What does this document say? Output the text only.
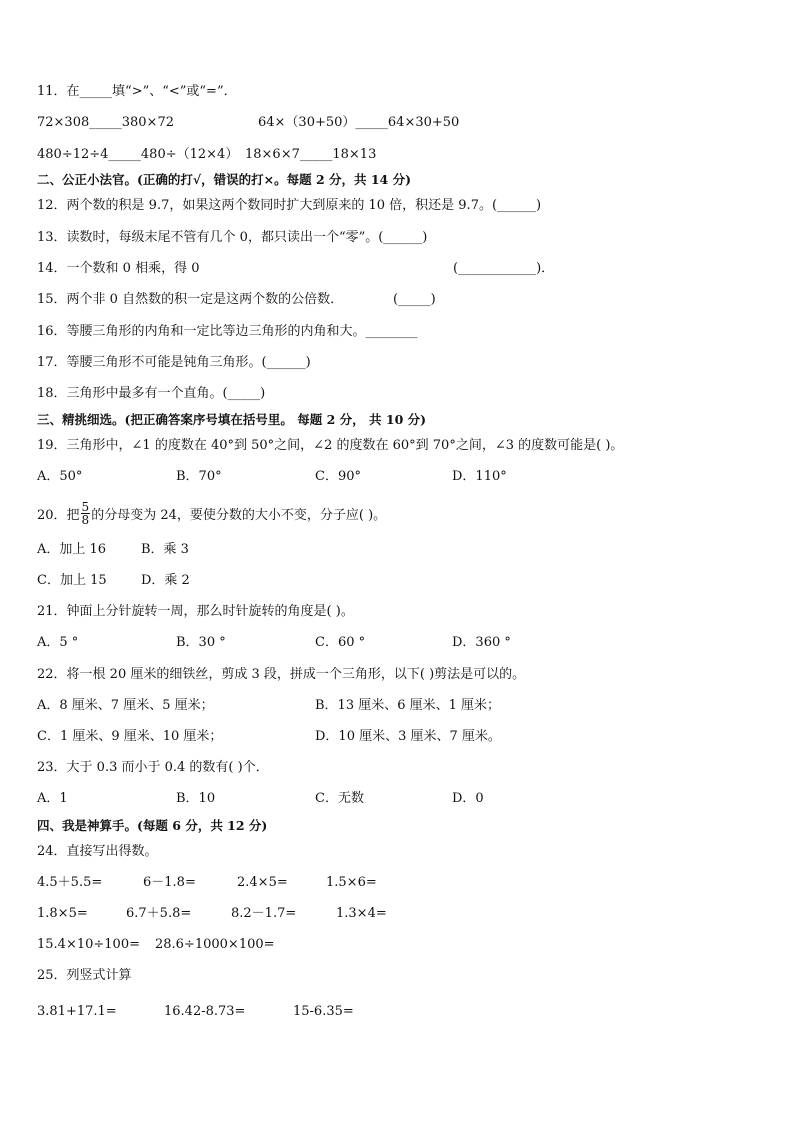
11．在_____填“>”、“<”或“=”．
72×308_____380×72	64×（30+50）_____64×30+50
480÷12÷4_____480÷（12×4） 18×6×7_____18×13
二、公正小法官。(正确的打√，错误的打×。每题 2 分，共 14 分)
12．两个数的积是 9.7，如果这两个数同时扩大到原来的 10 倍，积还是 9.7。(______)
13．读数时，每级末尾不管有几个 0，都只读出一个“零”。(______)
14．一个数和 0 相乘，得 0	(____________)．
15．两个非 0 自然数的积一定是这两个数的公倍数．	(_____)
16．等腰三角形的内角和一定比等边三角形的内角和大。________
17．等腰三角形不可能是钝角三角形。(______)
18．三角形中最多有一个直角。(_____)
三、精挑细选。(把正确答案序号填在括号里。 每题 2 分， 共 10 分)
19．三角形中，∠1 的度数在 40°到 50°之间，∠2 的度数在 60°到 70°之间，∠3 的度数可能是( )。
A．50°	B．70°	C．90°	D．110°
20．把 $\frac{5}{8}$ 的分母变为 24，要使分数的大小不变，分子应( )。
A．加上 16	B．乘 3
C．加上 15	D．乘 2
21．钟面上分针旋转一周，那么时针旋转的角度是( )。
A．5 °	B．30 °	C．60 °	D．360 °
22．将一根 20 厘米的细铁丝，剪成 3 段，拼成一个三角形，以下( )剪法是可以的。
A．8 厘米、7 厘米、5 厘米；	B．13 厘米、6 厘米、1 厘米；
C．1 厘米、9 厘米、10 厘米；	D．10 厘米、3 厘米、7 厘米。
23．大于 0.3 而小于 0.4 的数有( )个．
A．1	B．10	C．无数	D．0
四、我是神算手。(每题 6 分，共 12 分)
24．直接写出得数。
4.5＋5.5=	6－1.8=	2.4×5=	1.5×6=
1.8×5=	6.7＋5.8=	8.2－1.7=	1.3×4=
15.4×10÷100= 28.6÷1000×100=
25．列竖式计算
3.81+17.1=	16.42-8.73=	15-6.35=
